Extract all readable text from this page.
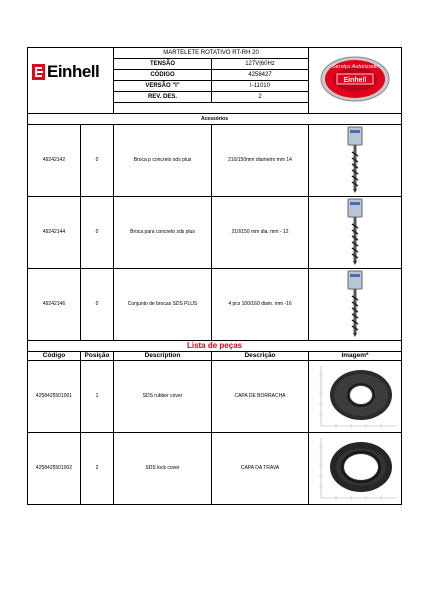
Einhell	MARTELETE ROTATIVO RT-RH 20		Einhell
Serviço Autorizado

	TENSÃO	127V|60Hz	
	CÓDIGO	4258427	
	VERSÃO "I"	I-11010	
	REV. DES.	2	

Acessórios				
49242142	0	Broca p concreto sds plus	210/150mm diametro mm 14	

49242144	0	Broca para concreto sds plus	210/150 mm dia. mm - 12	

49242146	0	Conjunto de brocas SDS PLUS	4 pcs 100/160 diam. mm -16	
Lista de peças				
Código	Posição	Description	Descrição	Imagem*
4258425501001	1	SDS rubber cover	CAPA DE BORRACHA	

4258425501002	2	SDS lock cover	CAPA DA TRAVA	
